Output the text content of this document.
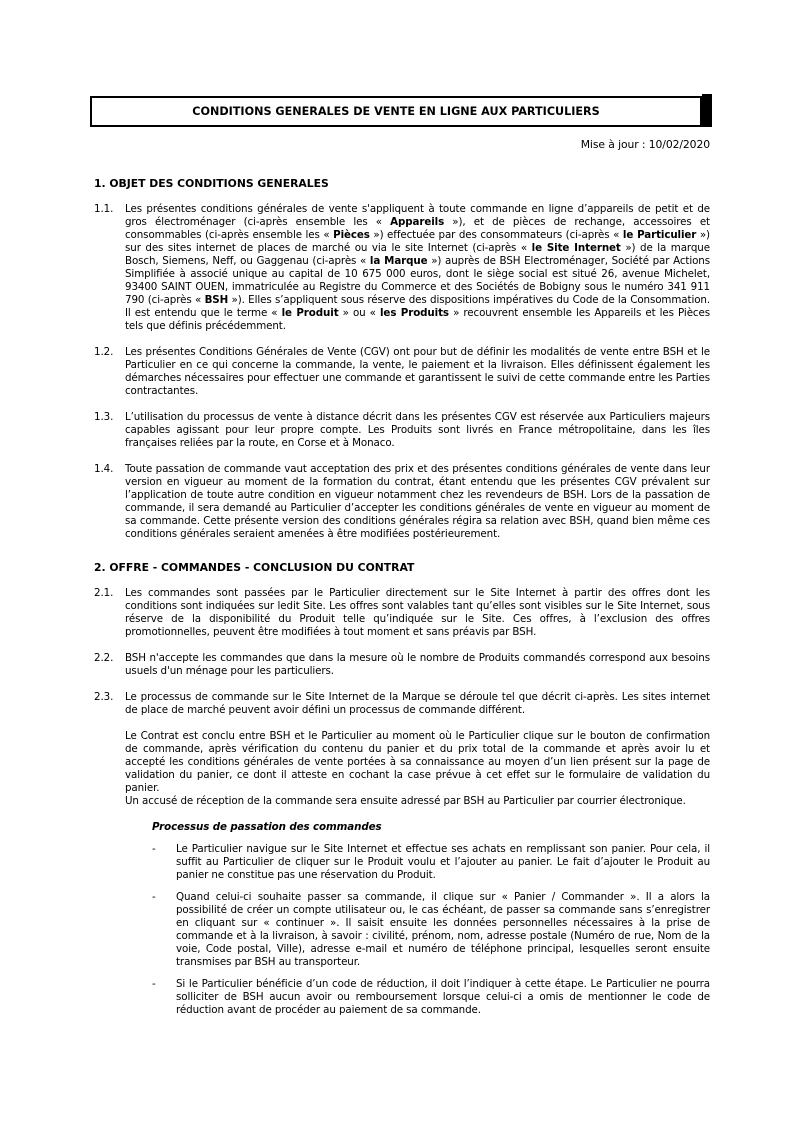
CONDITIONS GENERALES DE VENTE EN LIGNE AUX PARTICULIERS
Mise à jour : 10/02/2020
1. OBJET DES CONDITIONS GENERALES
1.1.	Les présentes conditions générales de vente s'appliquent à toute commande en ligne d’appareils de petit et de gros électroménager (ci-après ensemble les « Appareils »), et de pièces de rechange, accessoires et consommables (ci-après ensemble les « Pièces ») effectuée par des consommateurs (ci-après « le Particulier ») sur des sites internet de places de marché ou via le site Internet (ci-après « le Site Internet ») de la marque Bosch, Siemens, Neff, ou Gaggenau (ci-après « la Marque ») auprès de BSH Electroménager, Société par Actions Simplifiée à associé unique au capital de 10 675 000 euros, dont le siège social est situé 26, avenue Michelet, 93400 SAINT OUEN, immatriculée au Registre du Commerce et des Sociétés de Bobigny sous le numéro 341 911 790 (ci-après « BSH »). Elles s’appliquent sous réserve des dispositions impératives du Code de la Consommation. Il est entendu que le terme « le Produit » ou « les Produits » recouvrent ensemble les Appareils et les Pièces tels que définis précédemment.
1.2.	Les présentes Conditions Générales de Vente (CGV) ont pour but de définir les modalités de vente entre BSH et le Particulier en ce qui concerne la commande, la vente, le paiement et la livraison. Elles définissent également les démarches nécessaires pour effectuer une commande et garantissent le suivi de cette commande entre les Parties contractantes.
1.3.	L’utilisation du processus de vente à distance décrit dans les présentes CGV est réservée aux Particuliers majeurs capables agissant pour leur propre compte. Les Produits sont livrés en France métropolitaine, dans les îles françaises reliées par la route, en Corse et à Monaco.
1.4.	Toute passation de commande vaut acceptation des prix et des présentes conditions générales de vente dans leur version en vigueur au moment de la formation du contrat, étant entendu que les présentes CGV prévalent sur l’application de toute autre condition en vigueur notamment chez les revendeurs de BSH. Lors de la passation de commande, il sera demandé au Particulier d’accepter les conditions générales de vente en vigueur au moment de sa commande. Cette présente version des conditions générales régira sa relation avec BSH, quand bien même ces conditions générales seraient amenées à être modifiées postérieurement.
2. OFFRE - COMMANDES - CONCLUSION DU CONTRAT
2.1.	Les commandes sont passées par le Particulier directement sur le Site Internet à partir des offres dont les conditions sont indiquées sur ledit Site. Les offres sont valables tant qu’elles sont visibles sur le Site Internet, sous réserve de la disponibilité du Produit telle qu’indiquée sur le Site. Ces offres, à l’exclusion des offres promotionnelles, peuvent être modifiées à tout moment et sans préavis par BSH.
2.2.	BSH n'accepte les commandes que dans la mesure où le nombre de Produits commandés correspond aux besoins usuels d'un ménage pour les particuliers.
2.3.	Le processus de commande sur le Site Internet de la Marque se déroule tel que décrit ci-après. Les sites internet de place de marché peuvent avoir défini un processus de commande différent.
Le Contrat est conclu entre BSH et le Particulier au moment où le Particulier clique sur le bouton de confirmation de commande, après vérification du contenu du panier et du prix total de la commande et après avoir lu et accepté les conditions générales de vente portées à sa connaissance au moyen d’un lien présent sur la page de validation du panier, ce dont il atteste en cochant la case prévue à cet effet sur le formulaire de validation du panier.
Un accusé de réception de la commande sera ensuite adressé par BSH au Particulier par courrier électronique.
Processus de passation des commandes
-	Le Particulier navigue sur le Site Internet et effectue ses achats en remplissant son panier. Pour cela, il suffit au Particulier de cliquer sur le Produit voulu et l’ajouter au panier. Le fait d’ajouter le Produit au panier ne constitue pas une réservation du Produit.
-	Quand celui-ci souhaite passer sa commande, il clique sur « Panier / Commander ». Il a alors la possibilité de créer un compte utilisateur ou, le cas échéant, de passer sa commande sans s’enregistrer en cliquant sur « continuer ». Il saisit ensuite les données personnelles nécessaires à la prise de commande et à la livraison, à savoir : civilité, prénom, nom, adresse postale (Numéro de rue, Nom de la voie, Code postal, Ville), adresse e-mail et numéro de téléphone principal, lesquelles seront ensuite transmises par BSH au transporteur.
-	Si le Particulier bénéficie d’un code de réduction, il doit l’indiquer à cette étape. Le Particulier ne pourra solliciter de BSH aucun avoir ou remboursement lorsque celui-ci a omis de mentionner le code de réduction avant de procéder au paiement de sa commande.
